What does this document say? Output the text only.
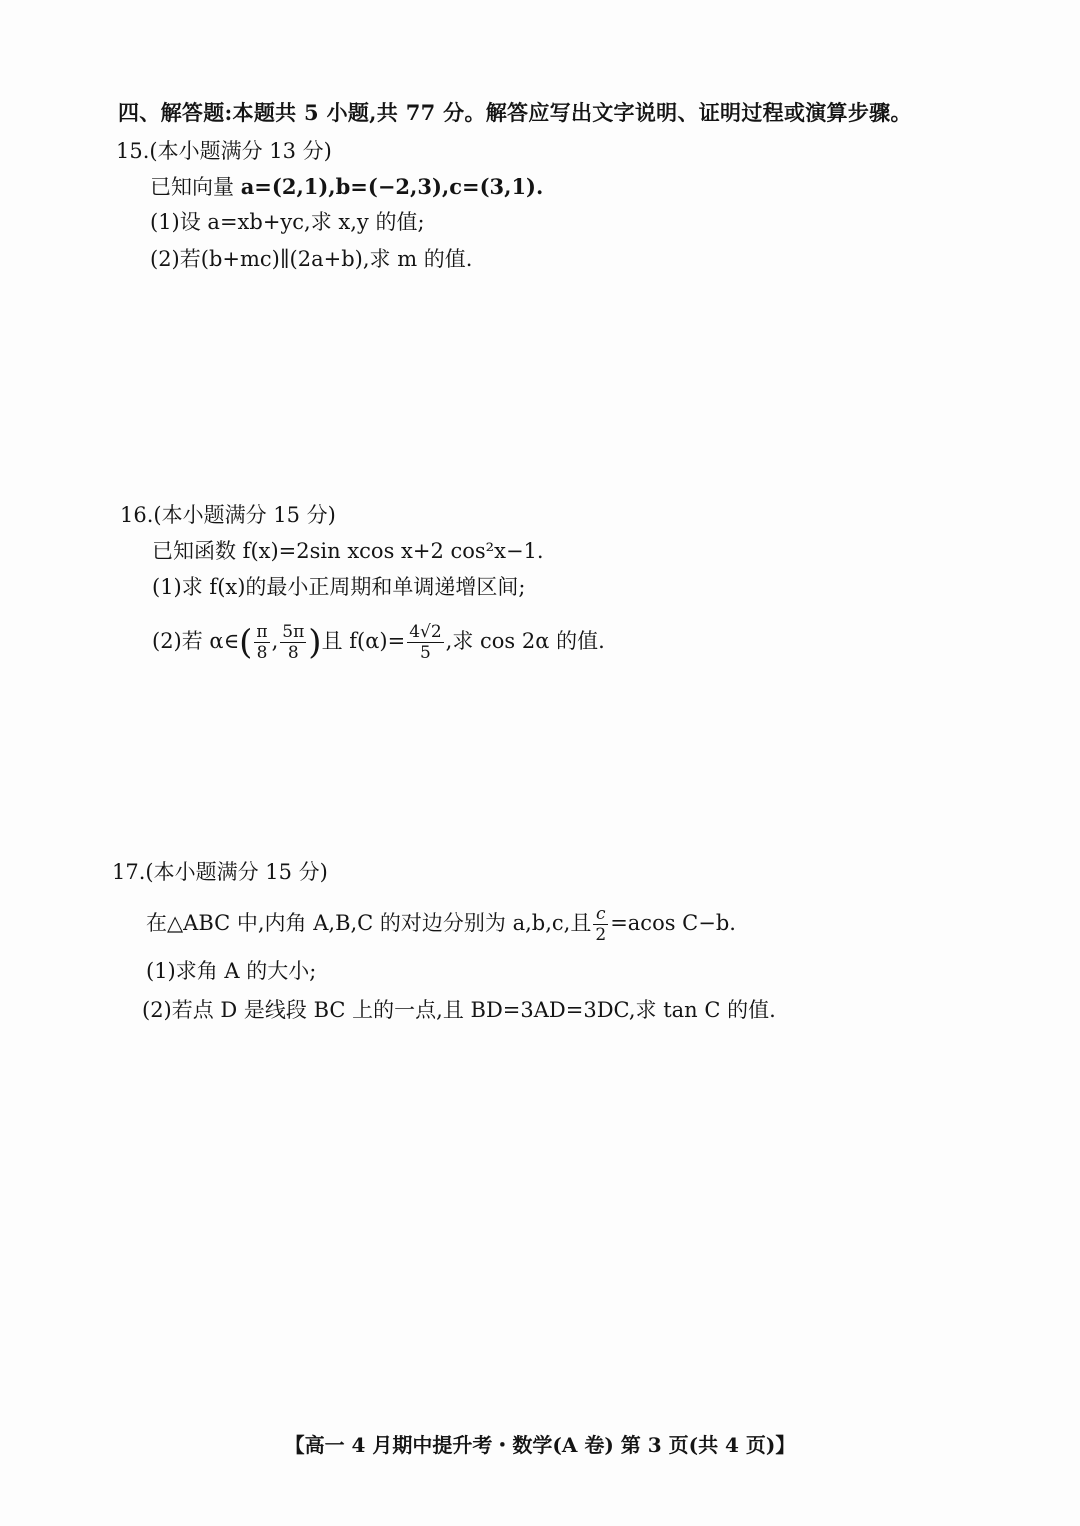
四、解答题:本题共 5 小题,共 77 分。解答应写出文字说明、证明过程或演算步骤。
15.(本小题满分 13 分)
已知向量 a=(2,1),b=(−2,3),c=(3,1).
(1)设 a=xb+yc,求 x,y 的值;
(2)若(b+mc)∥(2a+b),求 m 的值.
16.(本小题满分 15 分)
已知函数 f(x)=2sin xcos x+2 cos²x−1.
(1)求 f(x)的最小正周期和单调递增区间;
(2)若 α∈( $\frac{\pi}{8}$ , $\frac{5\pi}{8}$ )且 $f(\alpha)= \frac{4√2}{5}$ ,求 cos 2α 的值.
17.(本小题满分 15 分)
在△ABC 中,内角 A,B,C 的对边分别为 a,b,c,且 $\frac{c}{2} =acos$ C−b.
(1)求角 A 的大小;
(2)若点 D 是线段 BC 上的一点,且 BD=3AD=3DC,求 tan C 的值.
【高一 4 月期中提升考・数学(A 卷) 第 3 页(共 4 页)】
